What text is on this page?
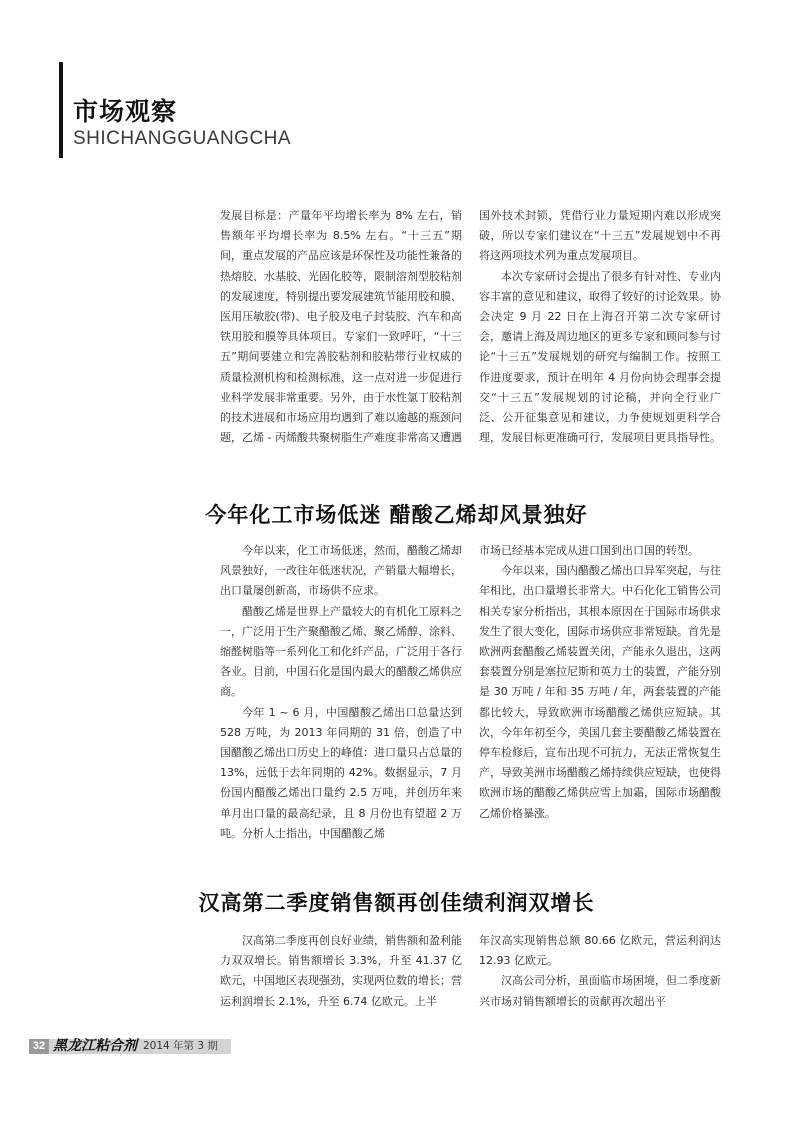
市场观察
SHICHANGGUANGCHA

发展目标是：产量年平均增长率为 8% 左右，销售额年平均增长率为 8.5% 左右。“十三五”期间，重点发展的产品应该是环保性及功能性兼备的热熔胶、水基胶、光固化胶等，限制溶剂型胶粘剂的发展速度，特别提出要发展建筑节能用胶和膜、医用压敏胶(带)、电子胶及电子封装胶、汽车和高铁用胶和膜等具体项目。专家们一致呼吁，“十三五”期间要建立和完善胶粘剂和胶粘带行业权威的质量检测机构和检测标准，这一点对进一步促进行业科学发展非常重要。另外，由于水性氯丁胶粘剂的技术进展和市场应用均遇到了难以逾越的瓶颈问题，乙烯 - 丙烯酸共聚树脂生产难度非常高又遭遇

国外技术封锁，凭借行业力量短期内难以形成突破，所以专家们建议在“十三五”发展规划中不再将这两项技术列为重点发展项目。

本次专家研讨会提出了很多有针对性、专业内容丰富的意见和建议，取得了较好的讨论效果。协会决定 9 月 22 日在上海召开第二次专家研讨会，邀请上海及周边地区的更多专家和顾问参与讨论“十三五”发展规划的研究与编制工作。按照工作进度要求，预计在明年 4 月份向协会理事会提交“十三五”发展规划的讨论稿，并向全行业广泛、公开征集意见和建议，力争使规划更科学合理，发展目标更准确可行，发展项目更具指导性。

今年化工市场低迷 醋酸乙烯却风景独好

今年以来，化工市场低迷，然而，醋酸乙烯却风景独好，一改往年低迷状况，产销量大幅增长，出口量屡创新高，市场供不应求。

醋酸乙烯是世界上产量较大的有机化工原料之一，广泛用于生产聚醋酸乙烯、聚乙烯醇、涂料、缩醛树脂等一系列化工和化纤产品，广泛用于各行各业。目前，中国石化是国内最大的醋酸乙烯供应商。

今年 1 ~ 6 月，中国醋酸乙烯出口总量达到 528 万吨，为 2013 年同期的 31 倍，创造了中国醋酸乙烯出口历史上的峰值：进口量只占总量的 13%，远低于去年同期的 42%。数据显示，7 月份国内醋酸乙烯出口量约 2.5 万吨，并创历年来单月出口量的最高纪录，且 8 月份也有望超 2 万吨。分析人士指出，中国醋酸乙烯

市场已经基本完成从进口国到出口国的转型。

今年以来，国内醋酸乙烯出口异军突起，与往年相比，出口量增长非常大。中石化化工销售公司相关专家分析指出，其根本原因在于国际市场供求发生了很大变化，国际市场供应非常短缺。首先是欧洲两套醋酸乙烯装置关闭，产能永久退出，这两套装置分别是塞拉尼斯和英力士的装置，产能分别是 30 万吨 / 年和 35 万吨 / 年，两套装置的产能都比较大，导致欧洲市场醋酸乙烯供应短缺。其次，今年年初至今，美国几套主要醋酸乙烯装置在停车检修后，宣布出现不可抗力，无法正常恢复生产，导致美洲市场醋酸乙烯持续供应短缺，也使得欧洲市场的醋酸乙烯供应雪上加霜，国际市场醋酸乙烯价格暴涨。

汉高第二季度销售额再创佳绩利润双增长

汉高第二季度再创良好业绩，销售额和盈利能力双双增长。销售额增长 3.3%，升至 41.37 亿欧元，中国地区表现强劲，实现两位数的增长；营运利润增长 2.1%，升至 6.74 亿欧元。上半

年汉高实现销售总额 80.66 亿欧元，营运利润达 12.93 亿欧元。

汉高公司分析，虽面临市场困境，但二季度新兴市场对销售额增长的贡献再次超出平

32 黑龙江粘合剂 2014 年第 3 期
